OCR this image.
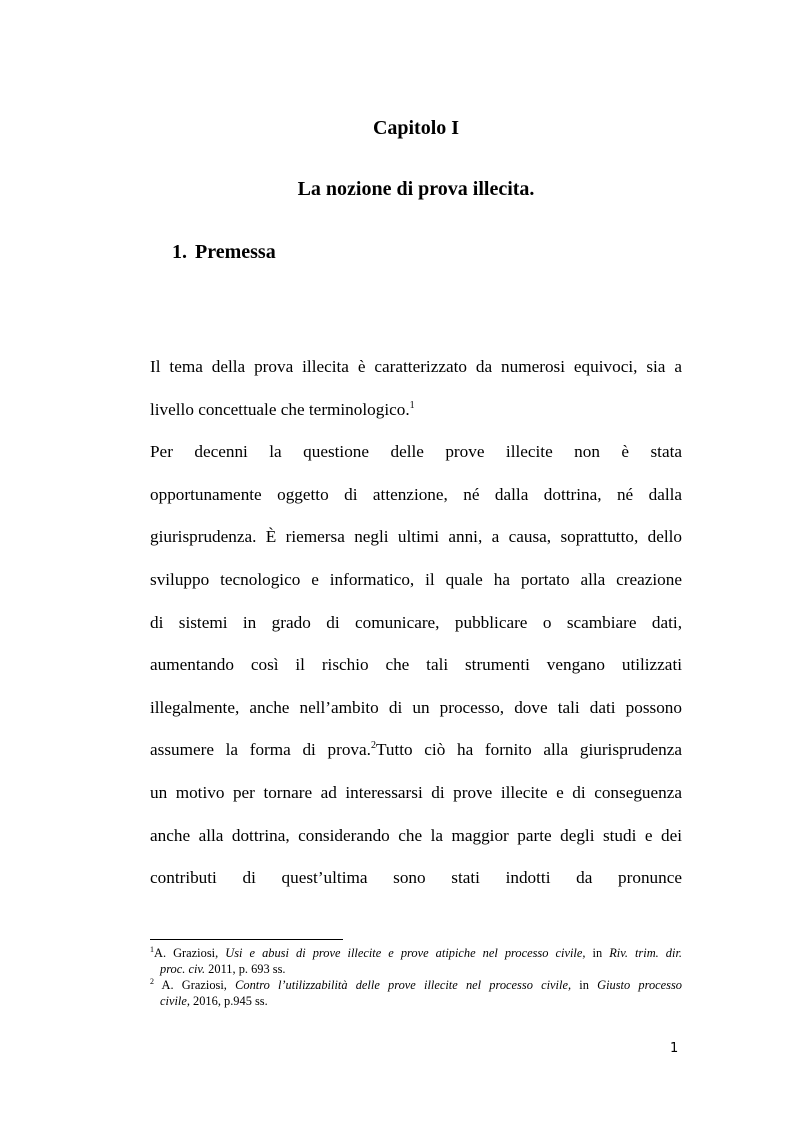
Capitolo I
La nozione di prova illecita.
1. Premessa
Il tema della prova illecita è caratterizzato da numerosi equivoci, sia a
livello concettuale che terminologico.$^1$
Per decenni la questione delle prove illecite non è stata
opportunamente oggetto di attenzione, né dalla dottrina, né dalla
giurisprudenza. È riemersa negli ultimi anni, a causa, soprattutto, dello
sviluppo tecnologico e informatico, il quale ha portato alla creazione
di sistemi in grado di comunicare, pubblicare o scambiare dati,
aumentando così il rischio che tali strumenti vengano utilizzati
illegalmente, anche nell’ambito di un processo, dove tali dati possono
assumere la forma di prova.$^2$Tutto ciò ha fornito alla giurisprudenza
un motivo per tornare ad interessarsi di prove illecite e di conseguenza
anche alla dottrina, considerando che la maggior parte degli studi e dei
contributi di quest’ultima sono stati indotti da pronunce
$^1$A. Graziosi, Usi e abusi di prove illecite e prove atipiche nel processo civile, in Riv. trim. dir.
proc. civ. 2011, p. 693 ss.
$^2$ A. Graziosi, Contro l’utilizzabilità delle prove illecite nel processo civile, in Giusto processo
civile, 2016, p.945 ss.
1
